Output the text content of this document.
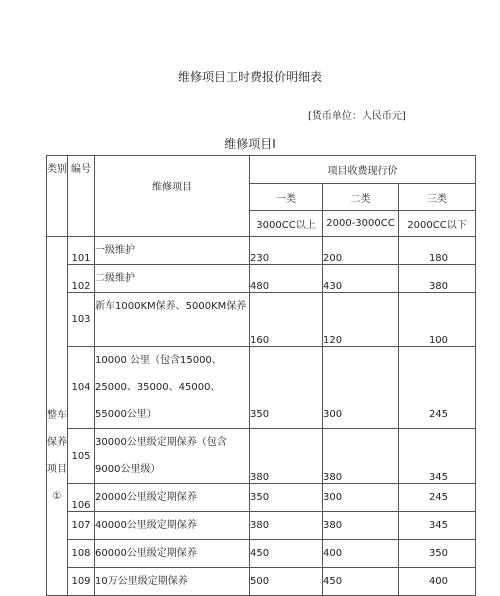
维修项目工时费报价明细表
[货币单位：人民币元]
维修项目Ⅰ
类别	编号	维修项目	项目收费现行价		
			一类	二类	三类
			3000CC以上	2000-3000CC	2000CC以下
整车保养项目①	101	一级维护	230	200	180
	102	二级维护	480	430	380
	103	新车1000KM保养、5000KM保养	160	120	100
	104	10000 公里（包含15000、25000、35000、45000、55000公里）	350	300	245
	105	30000公里级定期保养（包含9000公里级）	380	380	345
	106	20000公里级定期保养	350	300	245
	107	40000公里级定期保养	380	380	345
	108	60000公里级定期保养	450	400	350
	109	10万公里级定期保养	500	450	400
